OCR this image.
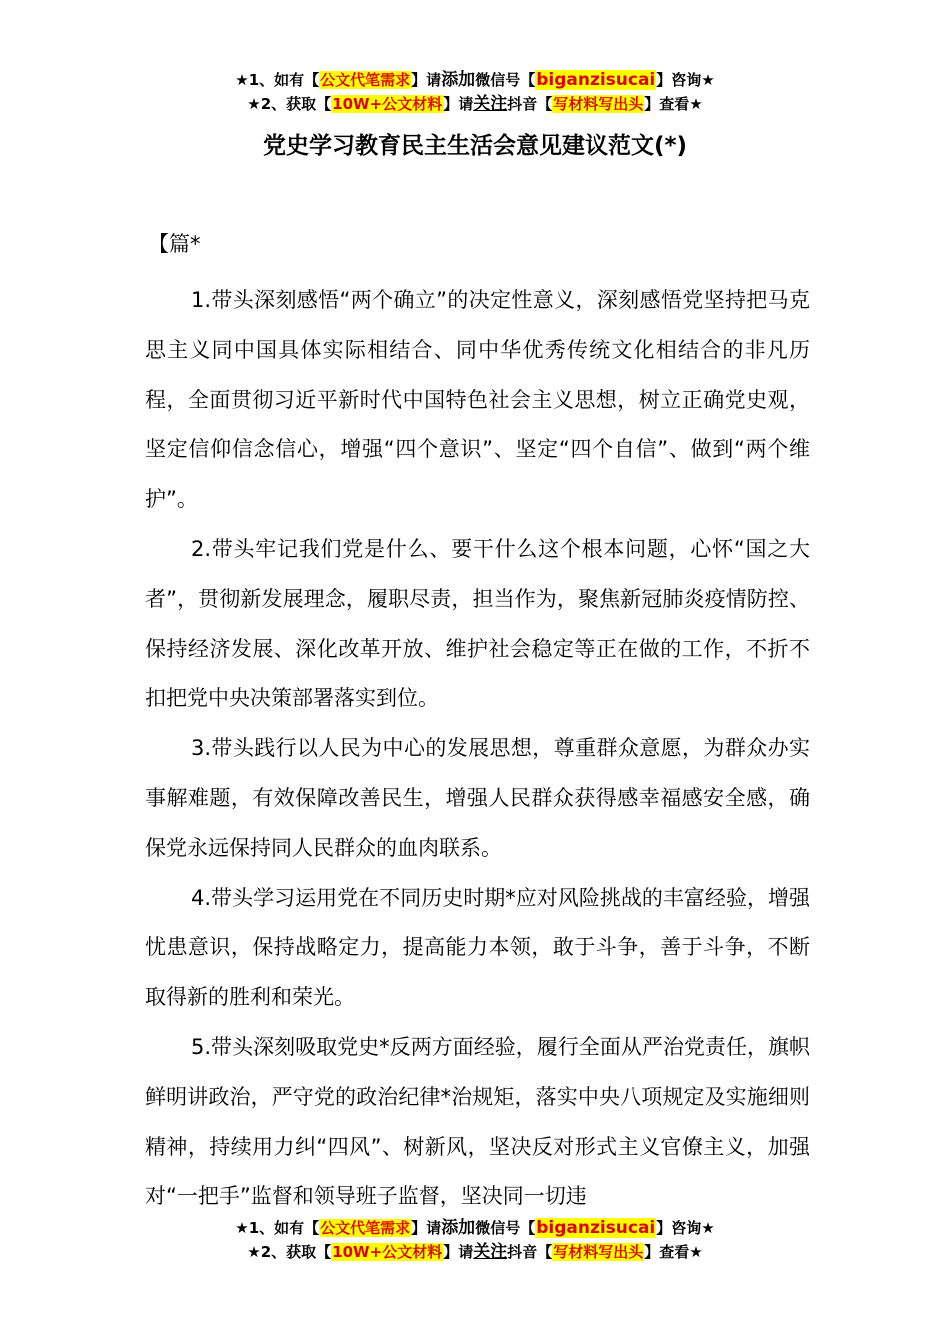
★1、如有【公文代笔需求】请添加微信号【biganzisucai】咨询★
★2、获取【10W+公文材料】请关注抖音【写材料写出头】查看★
党史学习教育民主生活会意见建议范文(*)
【篇*

1.带头深刻感悟“两个确立”的决定性意义，深刻感悟党坚持把马克思主义同中国具体实际相结合、同中华优秀传统文化相结合的非凡历程，全面贯彻习近平新时代中国特色社会主义思想，树立正确党史观，坚定信仰信念信心，增强“四个意识”、坚定“四个自信”、做到“两个维护”。

2.带头牢记我们党是什么、要干什么这个根本问题，心怀“国之大者”，贯彻新发展理念，履职尽责，担当作为，聚焦新冠肺炎疫情防控、保持经济发展、深化改革开放、维护社会稳定等正在做的工作，不折不扣把党中央决策部署落实到位。

3.带头践行以人民为中心的发展思想，尊重群众意愿，为群众办实事解难题，有效保障改善民生，增强人民群众获得感幸福感安全感，确保党永远保持同人民群众的血肉联系。

4.带头学习运用党在不同历史时期*应对风险挑战的丰富经验，增强忧患意识，保持战略定力，提高能力本领，敢于斗争，善于斗争，不断取得新的胜利和荣光。

5.带头深刻吸取党史*反两方面经验，履行全面从严治党责任，旗帜鲜明讲政治，严守党的政治纪律*治规矩，落实中央八项规定及实施细则精神，持续用力纠“四风”、树新风，坚决反对形式主义官僚主义，加强对“一把手”监督和领导班子监督，坚决同一切违

★1、如有【公文代笔需求】请添加微信号【biganzisucai】咨询★
★2、获取【10W+公文材料】请关注抖音【写材料写出头】查看★
